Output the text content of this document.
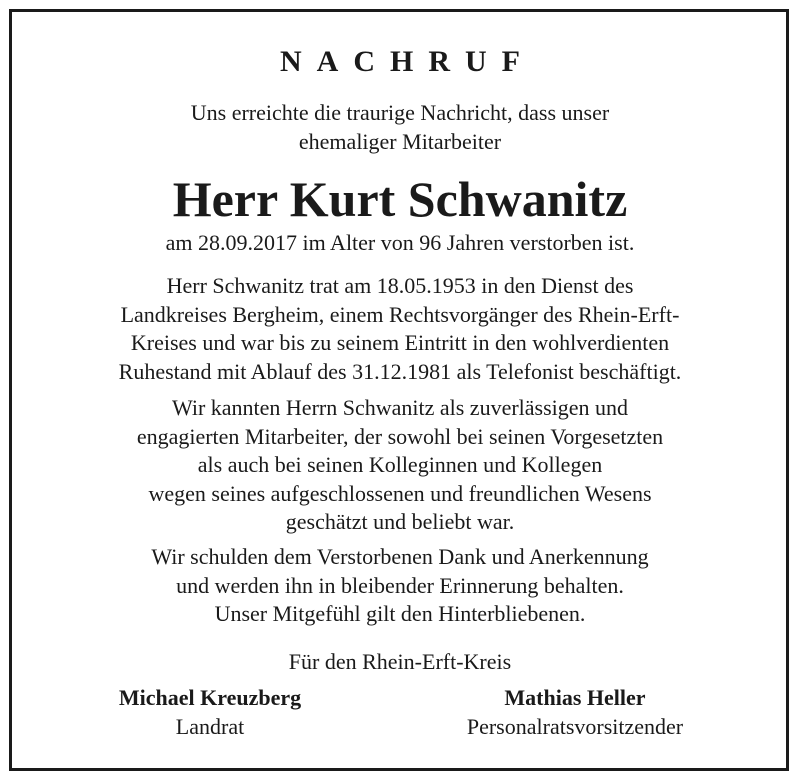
NACHRUF
Uns erreichte die traurige Nachricht, dass unser
ehemaliger Mitarbeiter
Herr Kurt Schwanitz
am 28.09.2017 im Alter von 96 Jahren verstorben ist.
Herr Schwanitz trat am 18.05.1953 in den Dienst des
Landkreises Bergheim, einem Rechtsvorgänger des Rhein-Erft-
Kreises und war bis zu seinem Eintritt in den wohlverdienten
Ruhestand mit Ablauf des 31.12.1981 als Telefonist beschäftigt.
Wir kannten Herrn Schwanitz als zuverlässigen und
engagierten Mitarbeiter, der sowohl bei seinen Vorgesetzten
als auch bei seinen Kolleginnen und Kollegen
wegen seines aufgeschlossenen und freundlichen Wesens
geschätzt und beliebt war.
Wir schulden dem Verstorbenen Dank und Anerkennung
und werden ihn in bleibender Erinnerung behalten.
Unser Mitgefühl gilt den Hinterbliebenen.
Für den Rhein-Erft-Kreis
Michael Kreuzberg
Landrat
Mathias Heller
Personalratsvorsitzender
